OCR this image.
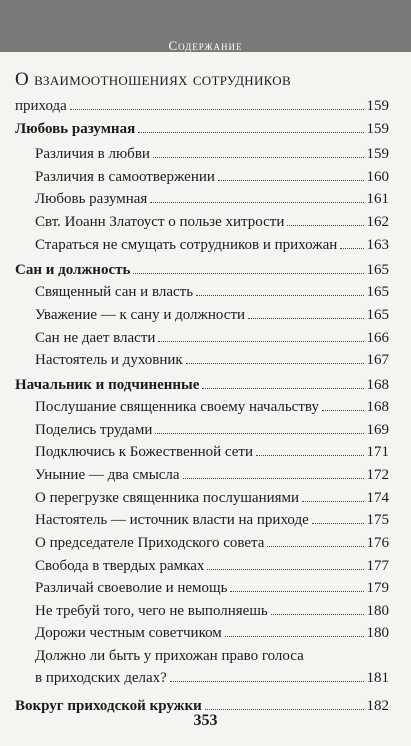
Содержание
О взаимоотношениях сотрудников
прихода	159
Любовь разумная	159
Различия в любви	159
Различия в самоотвержении	160
Любовь разумная	161
Свт. Иоанн Златоуст о пользе хитрости	162
Стараться не смущать сотрудников и прихожан 163
Сан и должность	165
Священный сан и власть	165
Уважение — к сану и должности	165
Сан не дает власти	166
Настоятель и духовник	167
Начальник и подчиненные	168
Послушание священника своему начальству	168
Поделись трудами	169
Подключись к Божественной сети	171
Уныние — два смысла	172
О перегрузке священника послушаниями	174
Настоятель — источник власти на приходе	175
О председателе Приходского совета	176
Свобода в твердых рамках	177
Различай своеволие и немощь	179
Не требуй того, чего не выполняешь	180
Дорожи честным советчиком	180
Должно ли быть у прихожан право голоса
в приходских делах?	181
Вокруг приходской кружки	182
353
